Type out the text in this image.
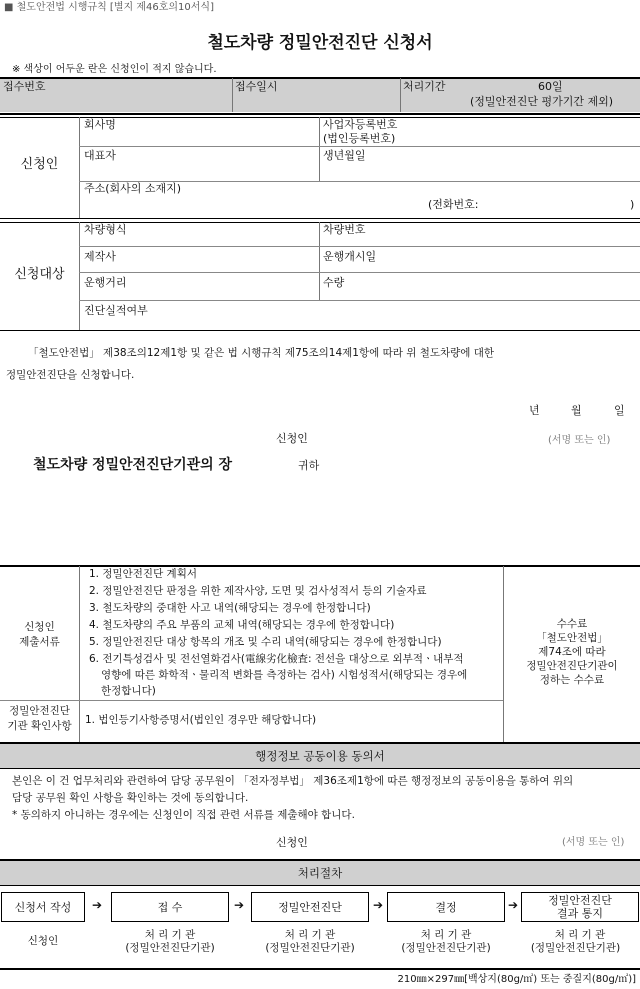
■ 철도안전법 시행규칙 [별지 제46호의10서식]
철도차량 정밀안전진단 신청서
※ 색상이 어두운 란은 신청인이 적지 않습니다.
접수번호	접수일시	처리기간	60일
(정밀안전진단 평가기간 제외)
신청인
회사명	사업자등록번호
(법인등록번호)
대표자	생년월일
주소(회사의 소재지)
(전화번호:	)
신청대상
차량형식	차량번호
제작사	운행개시일
운행거리	수량
진단실적여부
「철도안전법」 제38조의12제1항 및 같은 법 시행규칙 제75조의14제1항에 따라 위 철도차량에 대한
정밀안전진단을 신청합니다.
년	월	일
신청인	(서명 또는 인)
철도차량 정밀안전진단기관의 장	귀하
신청인
제출서류
1. 정밀안전진단 계획서
2. 정밀안전진단 판정을 위한 제작사양, 도면 및 검사성적서 등의 기술자료
3. 철도차량의 중대한 사고 내역(해당되는 경우에 한정합니다)
4. 철도차량의 주요 부품의 교체 내역(해당되는 경우에 한정합니다)
5. 정밀안전진단 대상 항목의 개조 및 수리 내역(해당되는 경우에 한정합니다)
6. 전기특성검사 및 전선열화검사(電線劣化檢査: 전선을 대상으로 외부적ㆍ내부적
영향에 따른 화학적ㆍ물리적 변화를 측정하는 검사) 시험성적서(해당되는 경우에
한정합니다)
수수료
「철도안전법」
제74조에 따라
정밀안전진단기관이
정하는 수수료
정밀안전진단
기관 확인사항	1. 법인등기사항증명서(법인인 경우만 해당합니다)
행정정보 공동이용 동의서
본인은 이 건 업무처리와 관련하여 담당 공무원이 「전자정부법」 제36조제1항에 따른 행정정보의 공동이용을 통하여 위의
담당 공무원 확인 사항을 확인하는 것에 동의합니다.
* 동의하지 아니하는 경우에는 신청인이 직접 관련 서류를 제출해야 합니다.
신청인	(서명 또는 인)
처리절차
신청서 작성 ➔	접 수	➔	정밀안전진단	➔	결정	➔	정밀안전진단
결과 통지
신청인	처 리 기 관
(정밀안전진단기관)
처 리 기 관
(정밀안전진단기관)
처 리 기 관
(정밀안전진단기관)
처 리 기 관
(정밀안전진단기관)
210㎜×297㎜[백상지(80g/㎡) 또는 중질지(80g/㎡)]
